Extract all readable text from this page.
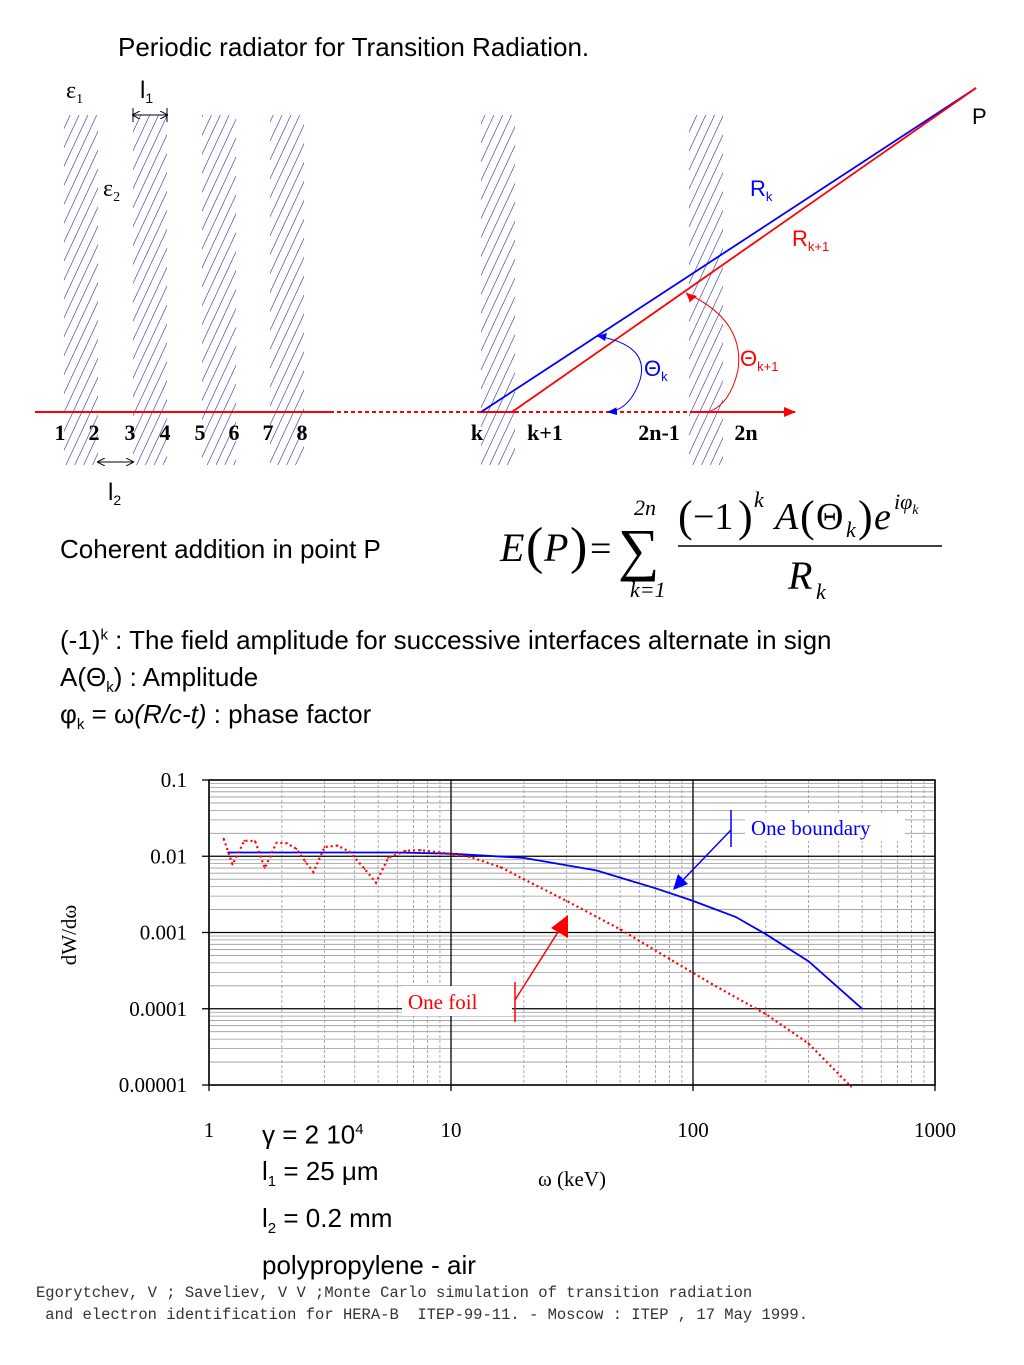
Periodic radiator for Transition Radiation.
$\varepsilon_1$ $l_1$
$\varepsilon_2$
$l_2$
P
$R_k$
$R_{k+1}$
$\Theta_k$
$\Theta_{k+1}$
1 2 3 4 5 6 7 8	k k+1	2n-1 2n
Coherent addition in point P	E ( P ) = ∑
2n
k=1
( −1 ) k A ( Θ k ) e $i\varphi_k$
R k
$(-1)^k$ : The field amplitude for successive interfaces alternate in sign
$A(\Theta_k)$ : Amplitude
$\varphi_k = \omega(R/c-t)$ : phase factor
1	10	100	1000
0.1
0.01
0.001
0.0001
0.00001
ω (keV)
dW/dω
One boundary
One foil
γ = 2 $10^4$
$l_1 = 25$ μm
$l_2 = 0.2$ mm
polypropylene - air
Egorytchev, V ; Saveliev, V V ;Monte Carlo simulation of transition radiation
and electron identification for HERA-B  ITEP-99-11. - Moscow : ITEP , 17 May 1999.
